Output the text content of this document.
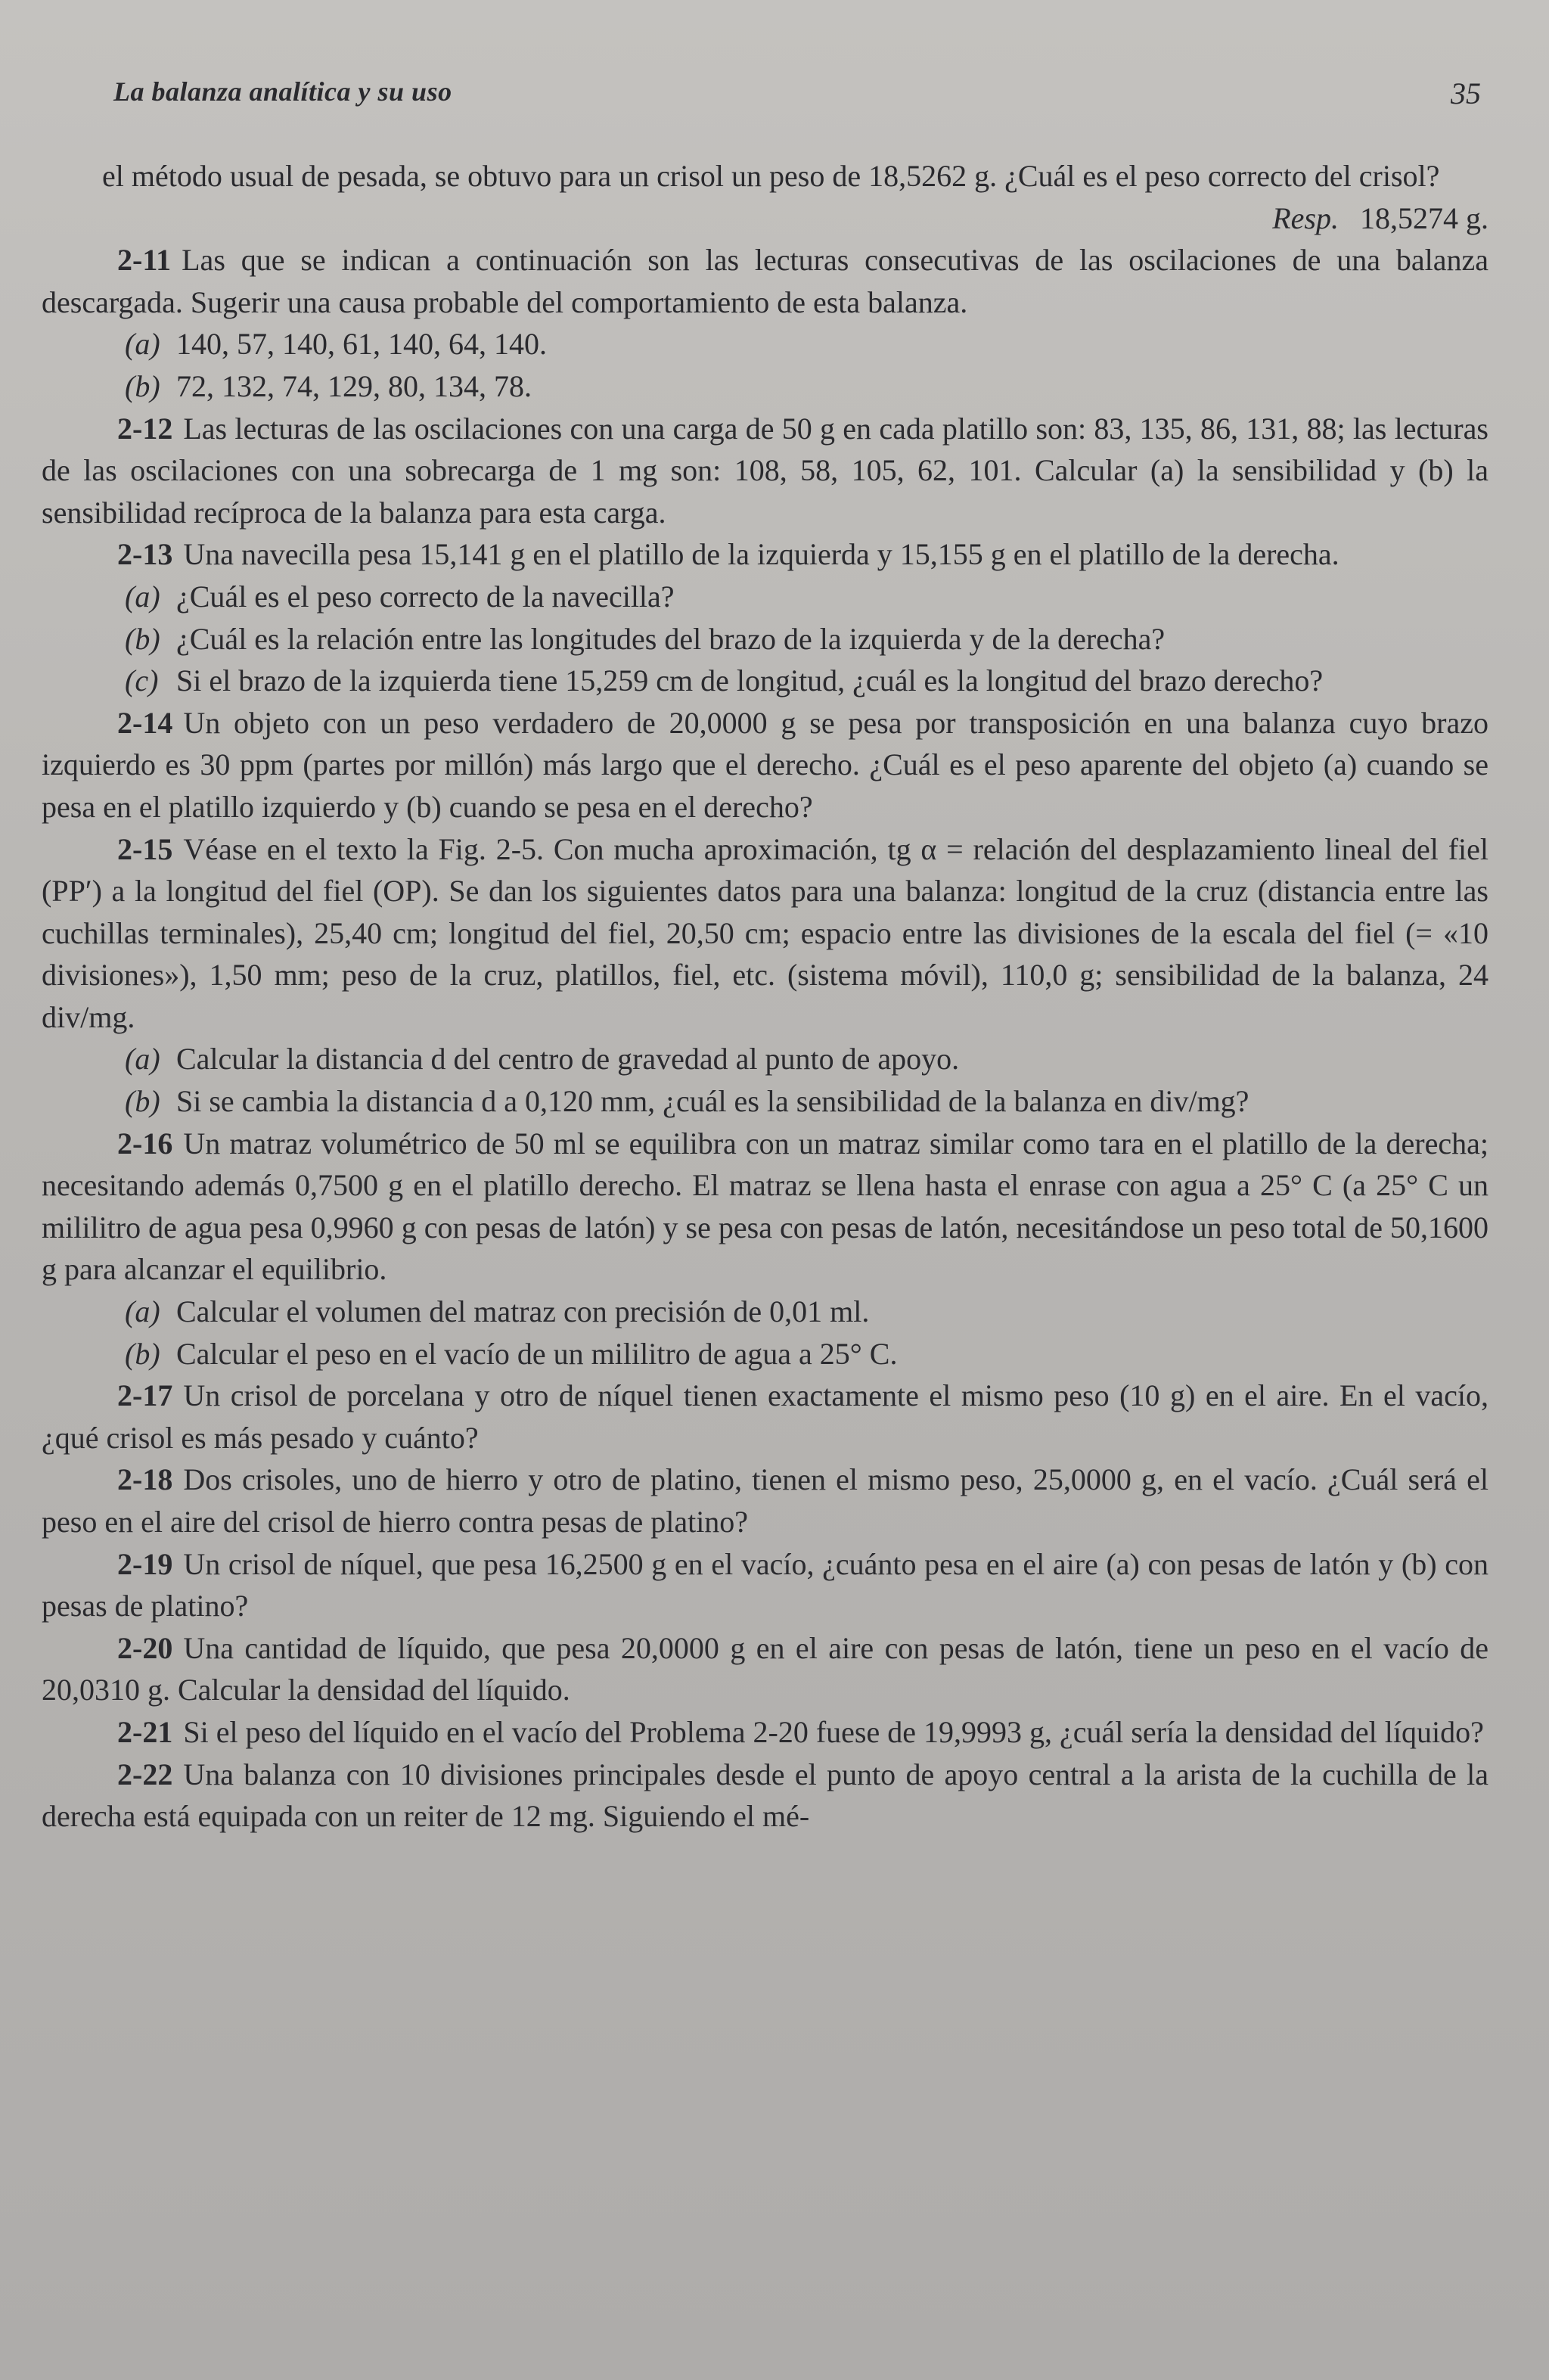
La balanza analítica y su uso	35

el método usual de pesada, se obtuvo para un crisol un peso de 18,5262 g. ¿Cuál es el peso correcto del crisol?

Resp. 18,5274 g.

2-11 Las que se indican a continuación son las lecturas consecutivas de las oscilaciones de una balanza descargada. Sugerir una causa probable del comportamiento de esta balanza.

(a) 140, 57, 140, 61, 140, 64, 140.

(b) 72, 132, 74, 129, 80, 134, 78.

2-12 Las lecturas de las oscilaciones con una carga de 50 g en cada platillo son: 83, 135, 86, 131, 88; las lecturas de las oscilaciones con una sobrecarga de 1 mg son: 108, 58, 105, 62, 101. Calcular (a) la sensibilidad y (b) la sensibilidad recíproca de la balanza para esta carga.

2-13 Una navecilla pesa 15,141 g en el platillo de la izquierda y 15,155 g en el platillo de la derecha.

(a) ¿Cuál es el peso correcto de la navecilla?

(b) ¿Cuál es la relación entre las longitudes del brazo de la izquierda y de la derecha?

(c) Si el brazo de la izquierda tiene 15,259 cm de longitud, ¿cuál es la longitud del brazo derecho?

2-14 Un objeto con un peso verdadero de 20,0000 g se pesa por transposición en una balanza cuyo brazo izquierdo es 30 ppm (partes por millón) más largo que el derecho. ¿Cuál es el peso aparente del objeto (a) cuando se pesa en el platillo izquierdo y (b) cuando se pesa en el derecho?

2-15 Véase en el texto la Fig. 2-5. Con mucha aproximación, tg α = relación del desplazamiento lineal del fiel (PP′) a la longitud del fiel (OP). Se dan los siguientes datos para una balanza: longitud de la cruz (distancia entre las cuchillas terminales), 25,40 cm; longitud del fiel, 20,50 cm; espacio entre las divisiones de la escala del fiel (= «10 divisiones»), 1,50 mm; peso de la cruz, platillos, fiel, etc. (sistema móvil), 110,0 g; sensibilidad de la balanza, 24 div/mg.

(a) Calcular la distancia d del centro de gravedad al punto de apoyo.

(b) Si se cambia la distancia d a 0,120 mm, ¿cuál es la sensibilidad de la balanza en div/mg?

2-16 Un matraz volumétrico de 50 ml se equilibra con un matraz similar como tara en el platillo de la derecha; necesitando además 0,7500 g en el platillo derecho. El matraz se llena hasta el enrase con agua a 25° C (a 25° C un mililitro de agua pesa 0,9960 g con pesas de latón) y se pesa con pesas de latón, necesitándose un peso total de 50,1600 g para alcanzar el equilibrio.

(a) Calcular el volumen del matraz con precisión de 0,01 ml.

(b) Calcular el peso en el vacío de un mililitro de agua a 25° C.

2-17 Un crisol de porcelana y otro de níquel tienen exactamente el mismo peso (10 g) en el aire. En el vacío, ¿qué crisol es más pesado y cuánto?

2-18 Dos crisoles, uno de hierro y otro de platino, tienen el mismo peso, 25,0000 g, en el vacío. ¿Cuál será el peso en el aire del crisol de hierro contra pesas de platino?

2-19 Un crisol de níquel, que pesa 16,2500 g en el vacío, ¿cuánto pesa en el aire (a) con pesas de latón y (b) con pesas de platino?

2-20 Una cantidad de líquido, que pesa 20,0000 g en el aire con pesas de latón, tiene un peso en el vacío de 20,0310 g. Calcular la densidad del líquido.

2-21 Si el peso del líquido en el vacío del Problema 2-20 fuese de 19,9993 g, ¿cuál sería la densidad del líquido?

2-22 Una balanza con 10 divisiones principales desde el punto de apoyo central a la arista de la cuchilla de la derecha está equipada con un reiter de 12 mg. Siguiendo el mé-
